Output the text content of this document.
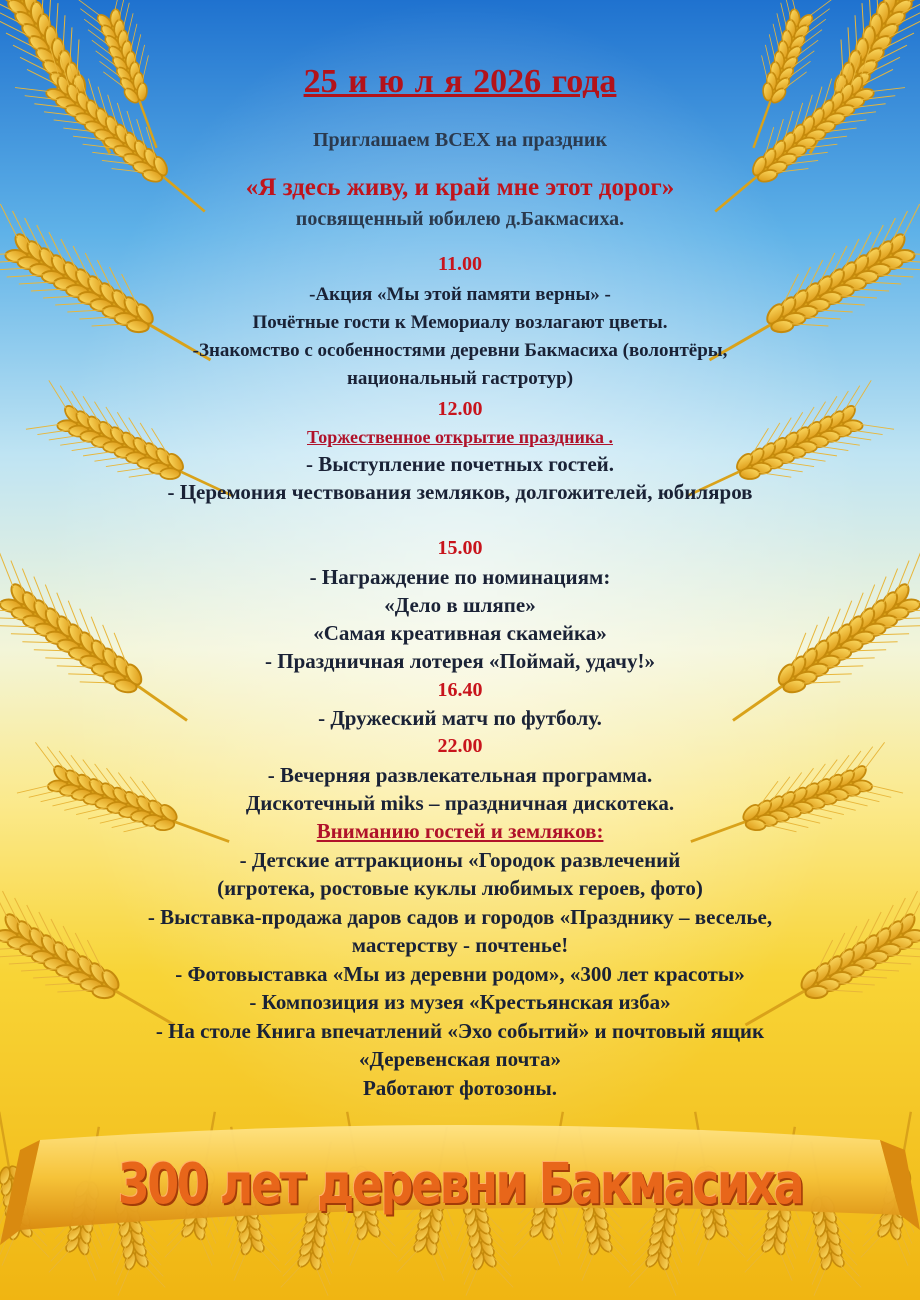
25 и ю л я 2026 года
Приглашаем ВСЕХ на праздник
«Я здесь живу, и край мне этот дорог»
посвященный юбилею д.Бакмасиха.
11.00
-Акция «Мы этой памяти верны» -
Почётные гости к Мемориалу возлагают цветы.
-Знакомство с особенностями деревни Бакмасиха (волонтёры,
национальный гастротур)
12.00
Торжественное открытие праздника .
- Выступление почетных гостей.
- Церемония чествования земляков, долгожителей, юбиляров
15.00
- Награждение по номинациям:
«Дело в шляпе»
«Самая креативная скамейка»
- Праздничная лотерея «Поймай, удачу!»
16.40
- Дружеский матч по футболу.
22.00
- Вечерняя развлекательная программа.
Дискотечный miks – праздничная дискотека.
Вниманию гостей и земляков:
- Детские аттракционы «Городок развлечений
(игротека, ростовые куклы любимых героев, фото)
- Выставка-продажа даров садов и городов «Празднику – веселье,
мастерству - почтенье!
- Фотовыставка «Мы из деревни родом», «300 лет красоты»
- Композиция из музея «Крестьянская изба»
- На столе Книга впечатлений «Эхо событий» и почтовый ящик
«Деревенская почта»
Работают фотозоны.
300 лет деревни Бакмасиха
